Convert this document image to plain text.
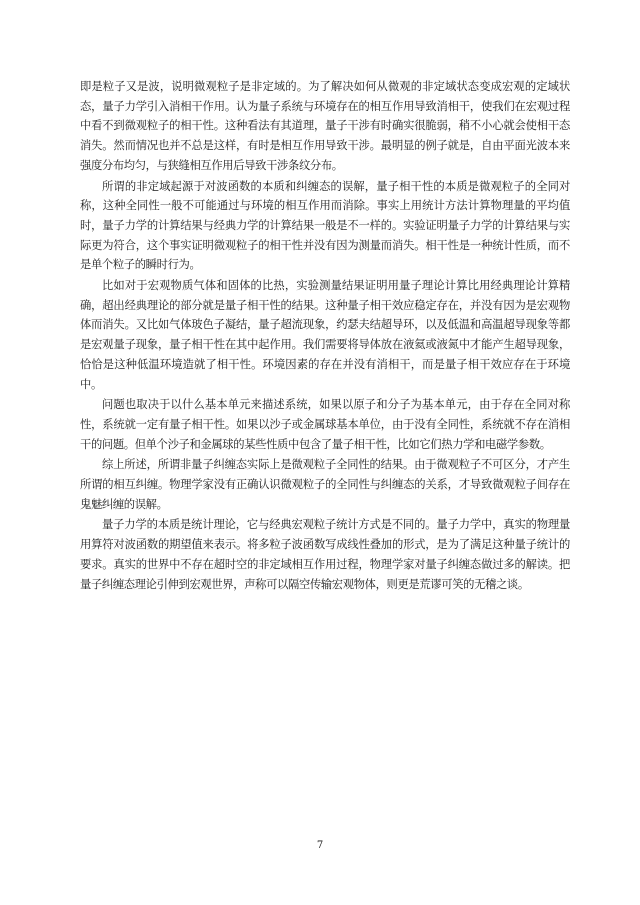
即是粒子又是波，说明微观粒子是非定域的。为了解决如何从微观的非定域状态变成宏观的定域状态，量子力学引入消相干作用。认为量子系统与环境存在的相互作用导致消相干，使我们在宏观过程中看不到微观粒子的相干性。这种看法有其道理，量子干涉有时确实很脆弱，稍不小心就会使相干态消失。然而情况也并不总是这样，有时是相互作用导致干涉。最明显的例子就是，自由平面光波本来强度分布均匀，与狭缝相互作用后导致干涉条纹分布。

所谓的非定域起源于对波函数的本质和纠缠态的误解，量子相干性的本质是微观粒子的全同对称，这种全同性一般不可能通过与环境的相互作用而消除。事实上用统计方法计算物理量的平均值时，量子力学的计算结果与经典力学的计算结果一般是不一样的。实验证明量子力学的计算结果与实际更为符合，这个事实证明微观粒子的相干性并没有因为测量而消失。相干性是一种统计性质，而不是单个粒子的瞬时行为。

比如对于宏观物质气体和固体的比热，实验测量结果证明用量子理论计算比用经典理论计算精确，超出经典理论的部分就是量子相干性的结果。这种量子相干效应稳定存在，并没有因为是宏观物体而消失。又比如气体玻色子凝结，量子超流现象，约瑟夫结超导环，以及低温和高温超导现象等都是宏观量子现象，量子相干性在其中起作用。我们需要将导体放在液氦或液氮中才能产生超导现象，恰恰是这种低温环境造就了相干性。环境因素的存在并没有消相干，而是量子相干效应存在于环境中。

问题也取决于以什么基本单元来描述系统，如果以原子和分子为基本单元，由于存在全同对称性，系统就一定有量子相干性。如果以沙子或金属球基本单位，由于没有全同性，系统就不存在消相干的问题。但单个沙子和金属球的某些性质中包含了量子相干性，比如它们热力学和电磁学参数。

综上所述，所谓非量子纠缠态实际上是微观粒子全同性的结果。由于微观粒子不可区分，才产生所谓的相互纠缠。物理学家没有正确认识微观粒子的全同性与纠缠态的关系，才导致微观粒子间存在鬼魅纠缠的误解。

量子力学的本质是统计理论，它与经典宏观粒子统计方式是不同的。量子力学中，真实的物理量用算符对波函数的期望值来表示。将多粒子波函数写成线性叠加的形式，是为了满足这种量子统计的要求。真实的世界中不存在超时空的非定域相互作用过程，物理学家对量子纠缠态做过多的解读。把量子纠缠态理论引伸到宏观世界，声称可以隔空传输宏观物体，则更是荒谬可笑的无稽之谈。

7
